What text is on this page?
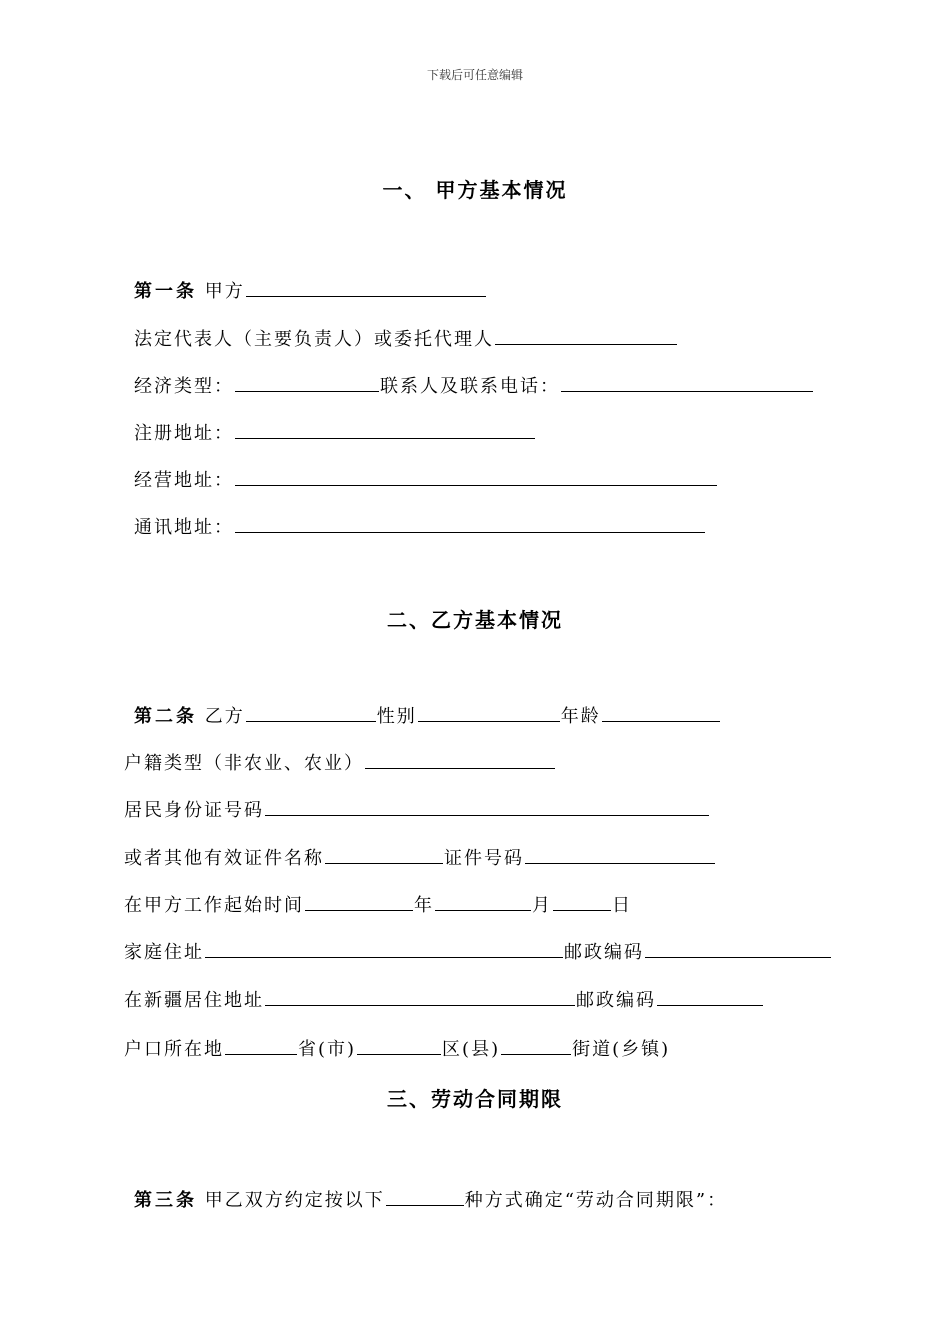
下载后可任意编辑
一、 甲方基本情况
第一条 甲方
法定代表人（主要负责人）或委托代理人
经济类型：	联系人及联系电话：
注册地址：
经营地址：
通讯地址：
二、乙方基本情况
第二条 乙方	性别	年龄
户籍类型（非农业、农业）
居民身份证号码
或者其他有效证件名称	证件号码
在甲方工作起始时间	年	月	日
家庭住址	邮政编码
在新疆居住地址	邮政编码
户口所在地	省(市)	区(县)	街道(乡镇)
三、劳动合同期限
第三条 甲乙双方约定按以下	种方式确定“劳动合同期限”：
